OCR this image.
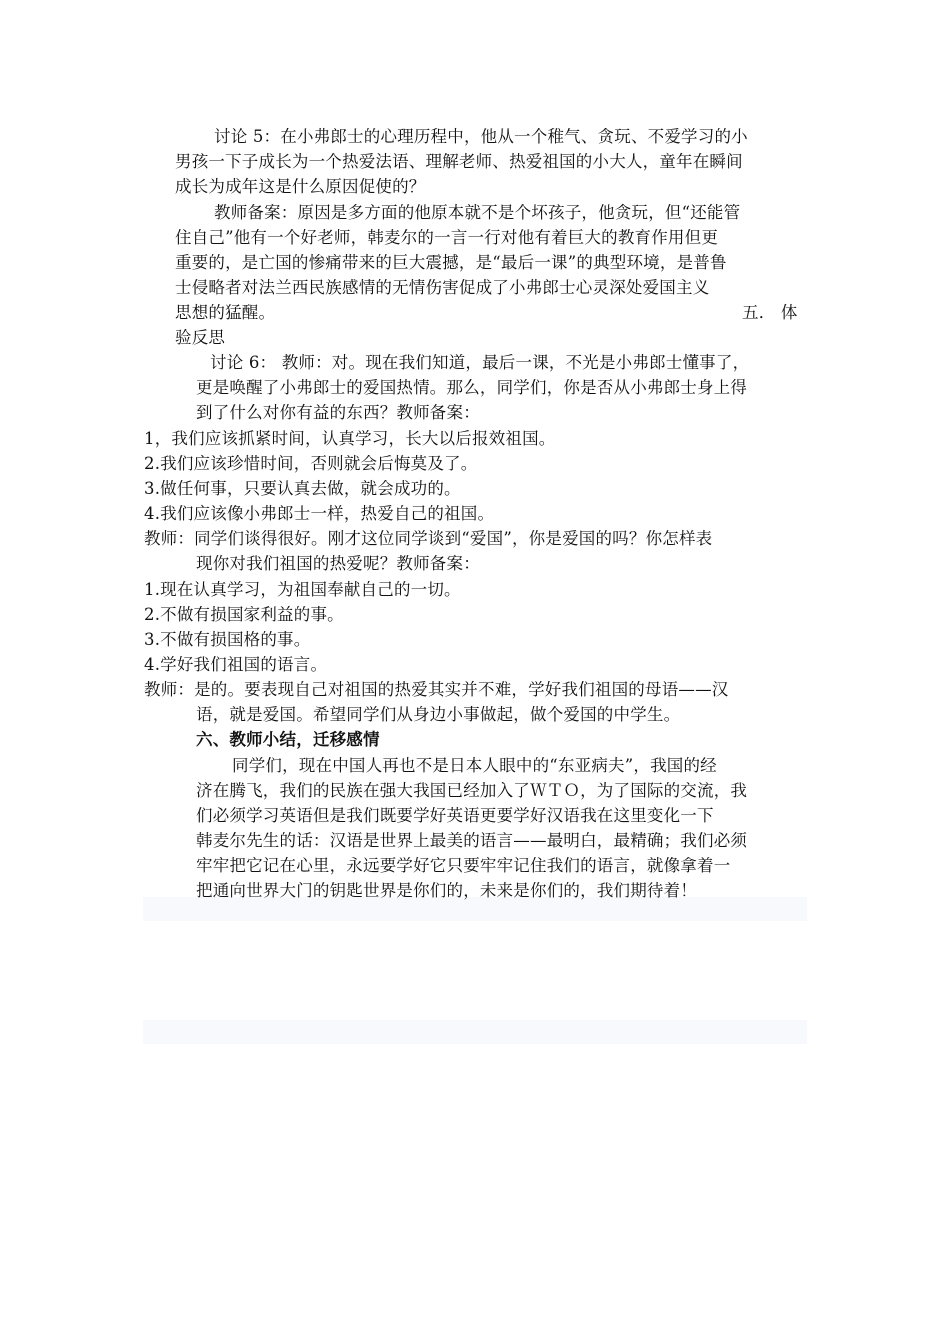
讨论 5：在小弗郎士的心理历程中，他从一个稚气、贪玩、不爱学习的小
男孩一下子成长为一个热爱法语、理解老师、热爱祖国的小大人，童年在瞬间
成长为成年这是什么原因促使的？
教师备案：原因是多方面的他原本就不是个坏孩子，他贪玩，但“还能管
住自己”他有一个好老师，韩麦尔的一言一行对他有着巨大的教育作用但更
重要的，是亡国的惨痛带来的巨大震撼，是“最后一课”的典型环境，是普鲁
士侵略者对法兰西民族感情的无情伤害促成了小弗郎士心灵深处爱国主义
思想的猛醒。	五． 体
验反思
讨论 6： 教师：对。现在我们知道，最后一课，不光是小弗郎士懂事了，
更是唤醒了小弗郎士的爱国热情。那么，同学们，你是否从小弗郎士身上得
到了什么对你有益的东西？教师备案：
1，我们应该抓紧时间，认真学习，长大以后报效祖国。
2.我们应该珍惜时间，否则就会后悔莫及了。
3.做任何事，只要认真去做，就会成功的。
4.我们应该像小弗郎士一样，热爱自己的祖国。
教师：同学们谈得很好。刚才这位同学谈到“爱国”，你是爱国的吗？你怎样表
现你对我们祖国的热爱呢？教师备案：
1.现在认真学习，为祖国奉献自己的一切。
2.不做有损国家利益的事。
3.不做有损国格的事。
4.学好我们祖国的语言。
教师：是的。要表现自己对祖国的热爱其实并不难，学好我们祖国的母语——汉
语，就是爱国。希望同学们从身边小事做起，做个爱国的中学生。
六、教师小结，迁移感情
同学们，现在中国人再也不是日本人眼中的“东亚病夫”，我国的经
济在腾飞，我们的民族在强大我国已经加入了ＷＴＯ，为了国际的交流，我
们必须学习英语但是我们既要学好英语更要学好汉语我在这里变化一下
韩麦尔先生的话：汉语是世界上最美的语言——最明白，最精确；我们必须
牢牢把它记在心里，永远要学好它只要牢牢记住我们的语言，就像拿着一
把通向世界大门的钥匙世界是你们的，未来是你们的，我们期待着！
